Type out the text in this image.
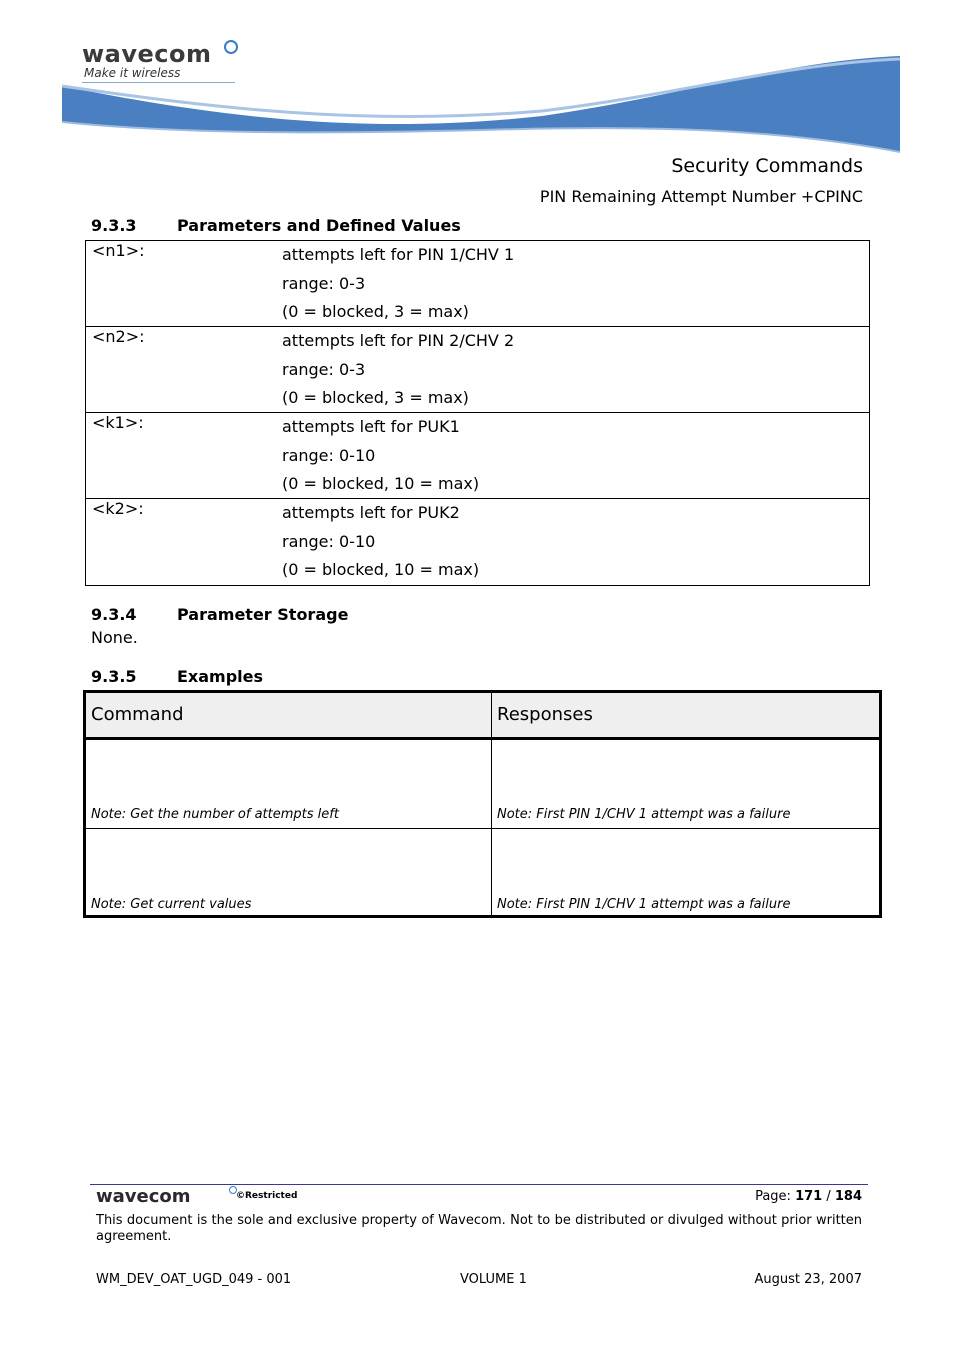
wavecom
Make it wireless
Security Commands
PIN Remaining Attempt Number +CPINC
9.3.3	Parameters and Defined Values
<n1>:	attempts left for PIN 1/CHV 1
range: 0-3
(0 = blocked, 3 = max)
<n2>:	attempts left for PIN 2/CHV 2
range: 0-3
(0 = blocked, 3 = max)
<k1>:	attempts left for PUK1
range: 0-10
(0 = blocked, 10 = max)
<k2>:	attempts left for PUK2
range: 0-10
(0 = blocked, 10 = max)
9.3.4	Parameter Storage
None.
9.3.5	Examples
Command	Responses
Note: Get the number of attempts left	Note: First PIN 1/CHV 1 attempt was a failure
Note: Get current values	Note: First PIN 1/CHV 1 attempt was a failure
wavecom	©Restricted	Page: 171 / 184
This document is the sole and exclusive property of Wavecom. Not to be distributed or divulged without prior written agreement.
WM_DEV_OAT_UGD_049 - 001	VOLUME 1	August 23, 2007
